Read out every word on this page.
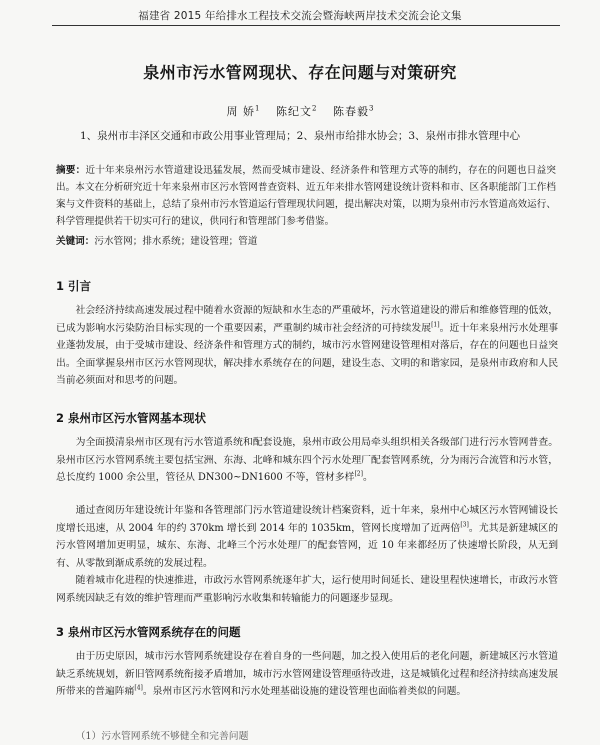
福建省 2015 年给排水工程技术交流会暨海峡两岸技术交流会论文集
泉州市污水管网现状、存在问题与对策研究
周 娇$^1$ 陈纪文$^2$ 陈春毅$^3$
1、泉州市丰泽区交通和市政公用事业管理局；2、泉州市给排水协会；3、泉州市排水管理中心
摘要：近十年来泉州污水管道建设迅猛发展，然而受城市建设、经济条件和管理方式等的制约，存在的问题也日益突出。本文在分析研究近十年来泉州市区污水管网普查资料、近五年来排水管网建设统计资料和市、区各职能部门工作档案与文件资料的基础上，总结了泉州市污水管道运行管理现状问题，提出解决对策，以期为泉州市污水管道高效运行、科学管理提供若干切实可行的建议，供同行和管理部门参考借鉴。
关键词：污水管网；排水系统；建设管理；管道
1 引言

社会经济持续高速发展过程中随着水资源的短缺和水生态的严重破坏，污水管道建设的滞后和维修管理的低效，已成为影响水污染防治目标实现的一个重要因素，严重制约城市社会经济的可持续发展[1]。近十年来泉州污水处理事业蓬勃发展，由于受城市建设、经济条件和管理方式的制约，城市污水管网建设管理相对落后，存在的问题也日益突出。全面掌握泉州市区污水管网现状，解决排水系统存在的问题，建设生态、文明的和谐家园，是泉州市政府和人民当前必须面对和思考的问题。

2 泉州市区污水管网基本现状

为全面摸清泉州市区现有污水管道系统和配套设施，泉州市政公用局牵头组织相关各级部门进行污水管网普查。泉州市区污水管网系统主要包括宝洲、东海、北峰和城东四个污水处理厂配套管网系统，分为雨污合流管和污水管，总长度约 1000 余公里，管径从 DN300~DN1600 不等，管材多样[2]。

通过查阅历年建设统计年鉴和各管理部门污水管道建设统计档案资料，近十年来，泉州中心城区污水管网铺设长度增长迅速，从 2004 年的约 370km 增长到 2014 年的 1035km，管网长度增加了近两倍[3]。尤其是新建城区的污水管网增加更明显，城东、东海、北峰三个污水处理厂的配套管网，近 10 年来都经历了快速增长阶段，从无到有、从零散到渐成系统的发展过程。

随着城市化进程的快速推进，市政污水管网系统逐年扩大，运行使用时间延长、建设里程快速增长，市政污水管网系统因缺乏有效的维护管理而严重影响污水收集和转输能力的问题逐步显现。

3 泉州市区污水管网系统存在的问题

由于历史原因，城市污水管网系统建设存在着自身的一些问题，加之投入使用后的老化问题，新建城区污水管道缺乏系统规划，新旧管网系统衔接矛盾增加，城市污水管网建设管理亟待改进，这是城镇化过程和经济持续高速发展所带来的普遍阵痛[4]。泉州市区污水管网和污水处理基础设施的建设管理也面临着类似的问题。

（1）污水管网系统不够健全和完善问题
